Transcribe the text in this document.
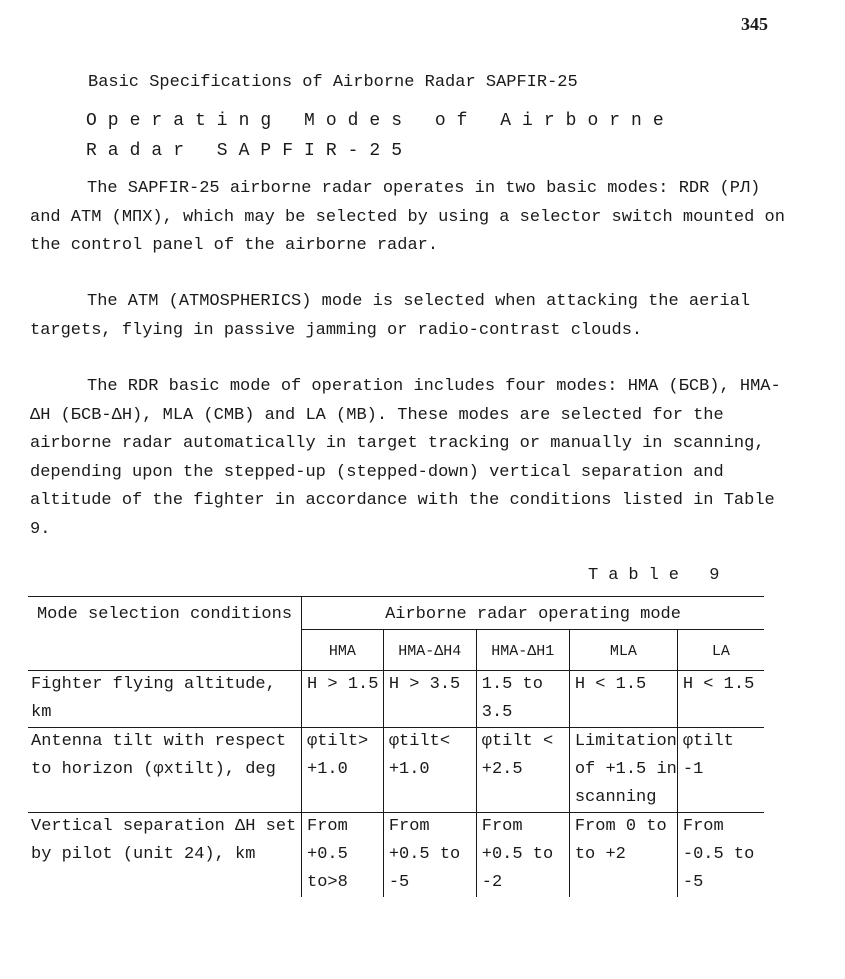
345
Basic Specifications of Airborne Radar SAPFIR-25
Operating Modes of Airborne
Radar SAPFIR-25
The SAPFIR-25 airborne radar operates in two basic modes: RDR (РЛ) and ATM (МПХ), which may be selected by using a selector switch mounted on the control panel of the airborne radar.
The ATM (ATMOSPHERICS) mode is selected when attacking the aerial targets, flying in passive jamming or radio-contrast clouds.
The RDR basic mode of operation includes four modes: HMA (БСВ), HMA-ΔH (БСВ-ΔH), MLA (СМВ) and LA (МВ). These modes are selected for the airborne radar automatically in target tracking or manually in scanning, depending upon the stepped-up (stepped-down) vertical separation and altitude of the fighter in accordance with the conditions listed in Table 9.
Table 9
Mode selection conditions	Airborne radar operating mode				
	HMA	HMA-ΔH4	HMA-ΔH1	MLA	LA
Fighter flying altitude, km	H > 1.5	H > 3.5	1.5 to 3.5	H < 1.5	H < 1.5
Antenna tilt with respect to horizon (φxtilt), deg	φtilt> +1.0	φtilt< +1.0	φtilt < +2.5	Limitation of +1.5 in scanning	φtilt -1
Vertical separation ΔH set by pilot (unit 24), km	From +0.5 to>8	From +0.5 to -5	From +0.5 to -2	From 0 to to +2	From -0.5 to -5
